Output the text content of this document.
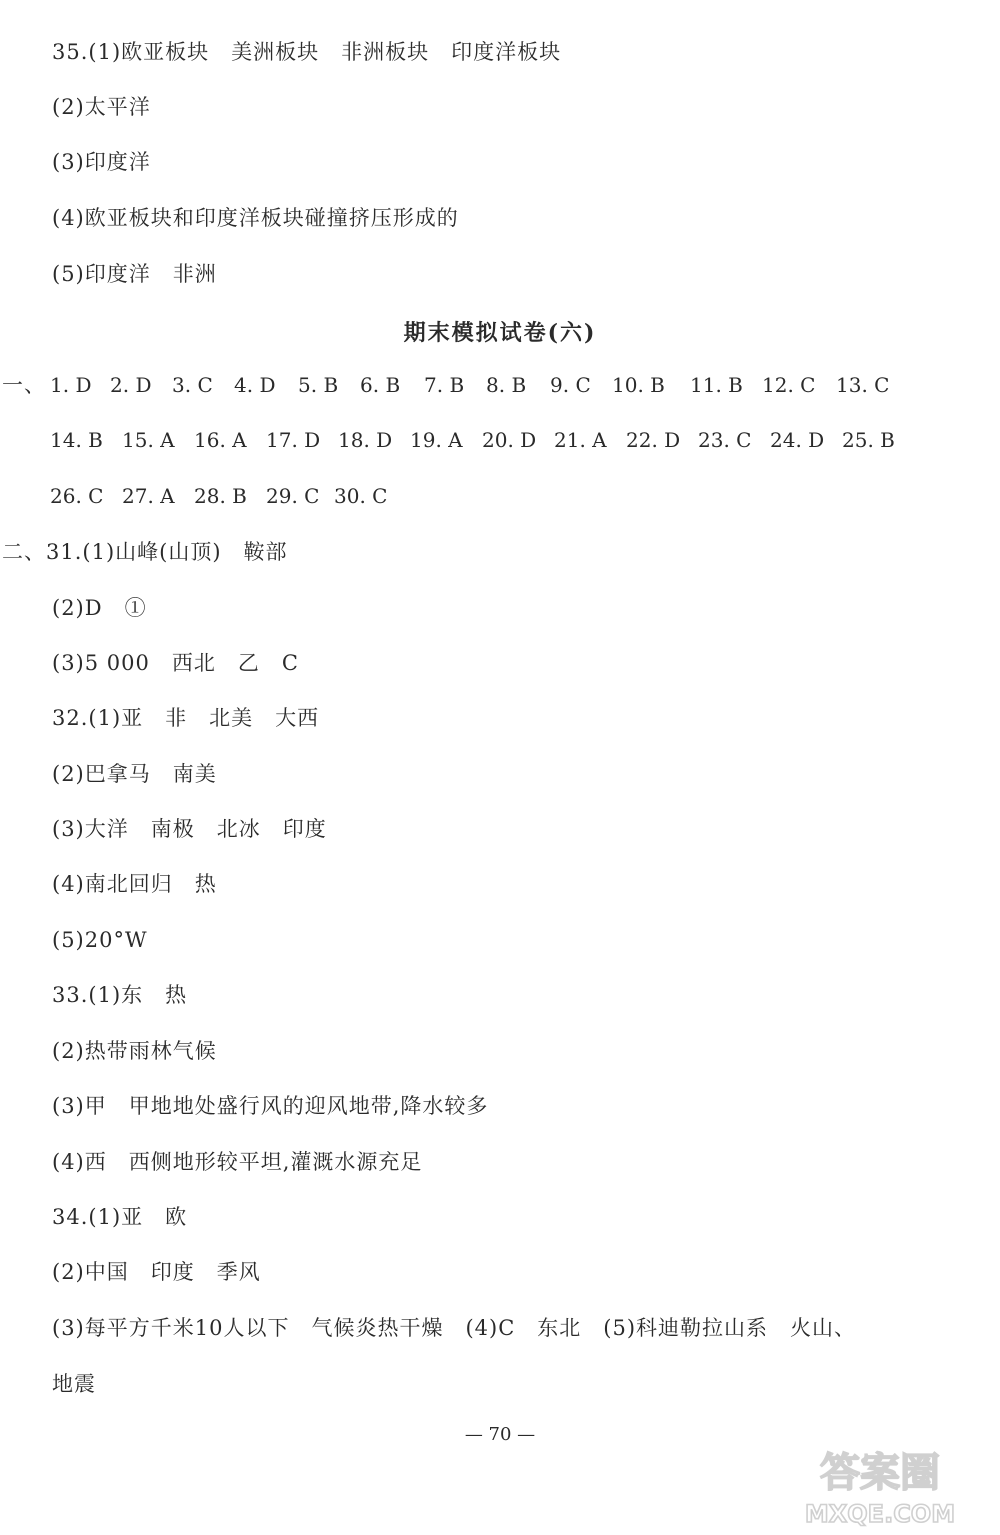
35.(1)欧亚板块　美洲板块　非洲板块　印度洋板块
(2)太平洋
(3)印度洋
(4)欧亚板块和印度洋板块碰撞挤压形成的
(5)印度洋　非洲
期末模拟试卷(六)
一、 1. D 2. D 3. C 4. D 5. B 6. B 7. B 8. B 9. C 10. B 11. B 12. C 13. C
14. B 15. A 16. A 17. D 18. D 19. A 20. D 21. A 22. D 23. C 24. D 25. B
26. C 27. A 28. B 29. C 30. C
二、 31.(1)山峰(山顶)　鞍部
(2)D　①
(3)5 000　西北　乙　C
32.(1)亚　非　北美　大西
(2)巴拿马　南美
(3)大洋　南极　北冰　印度
(4)南北回归　热
(5)20°W
33.(1)东　热
(2)热带雨林气候
(3)甲　甲地地处盛行风的迎风地带,降水较多
(4)西　西侧地形较平坦,灌溉水源充足
34.(1)亚　欧
(2)中国　印度　季风
(3)每平方千米10人以下　气候炎热干燥　(4)C　东北　(5)科迪勒拉山系　火山、
地震
— 70 —
答案圈
MXQE.COM
